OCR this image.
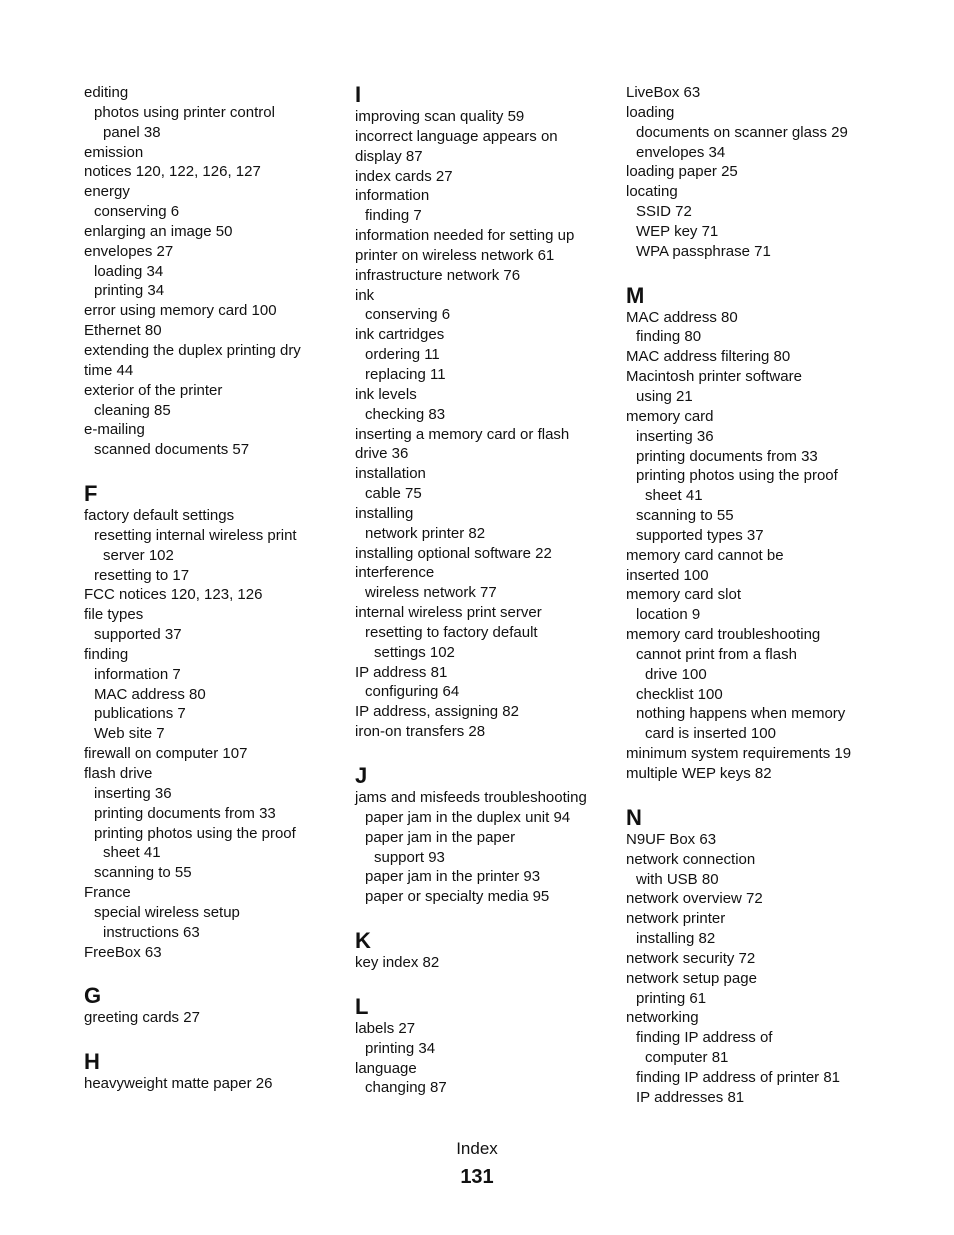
editing
photos using printer control
panel 38
emission
notices 120, 122, 126, 127
energy
conserving 6
enlarging an image 50
envelopes 27
loading 34
printing 34
error using memory card 100
Ethernet 80
extending the duplex printing dry
time 44
exterior of the printer
cleaning 85
e-mailing
scanned documents 57
F
factory default settings
resetting internal wireless print
server 102
resetting to 17
FCC notices 120, 123, 126
file types
supported 37
finding
information 7
MAC address 80
publications 7
Web site 7
firewall on computer 107
flash drive
inserting 36
printing documents from 33
printing photos using the proof
sheet 41
scanning to 55
France
special wireless setup
instructions 63
FreeBox 63
G
greeting cards 27
H
heavyweight matte paper 26
I
improving scan quality 59
incorrect language appears on
display 87
index cards 27
information
finding 7
information needed for setting up
printer on wireless network 61
infrastructure network 76
ink
conserving 6
ink cartridges
ordering 11
replacing 11
ink levels
checking 83
inserting a memory card or flash
drive 36
installation
cable 75
installing
network printer 82
installing optional software 22
interference
wireless network 77
internal wireless print server
resetting to factory default
settings 102
IP address 81
configuring 64
IP address, assigning 82
iron-on transfers 28
J
jams and misfeeds troubleshooting
paper jam in the duplex unit 94
paper jam in the paper
support 93
paper jam in the printer 93
paper or specialty media 95
K
key index 82
L
labels 27
printing 34
language
changing 87
LiveBox 63
loading
documents on scanner glass 29
envelopes 34
loading paper 25
locating
SSID 72
WEP key 71
WPA passphrase 71
M
MAC address 80
finding 80
MAC address filtering 80
Macintosh printer software
using 21
memory card
inserting 36
printing documents from 33
printing photos using the proof
sheet 41
scanning to 55
supported types 37
memory card cannot be
inserted 100
memory card slot
location 9
memory card troubleshooting
cannot print from a flash
drive 100
checklist 100
nothing happens when memory
card is inserted 100
minimum system requirements 19
multiple WEP keys 82
N
N9UF Box 63
network connection
with USB 80
network overview 72
network printer
installing 82
network security 72
network setup page
printing 61
networking
finding IP address of
computer 81
finding IP address of printer 81
IP addresses 81
Index
131
